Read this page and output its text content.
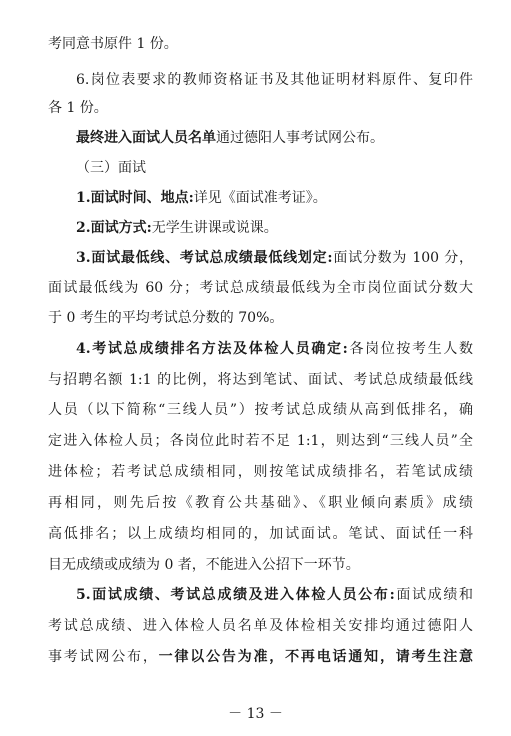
考同意书原件 1 份。
6.岗位表要求的教师资格证书及其他证明材料原件、复印件
各 1 份。
最终进入面试人员名单通过德阳人事考试网公布。
（三）面试
1.面试时间、地点:详见《面试准考证》。
2.面试方式:无学生讲课或说课。
3.面试最低线、考试总成绩最低线划定:面试分数为 100 分，
面试最低线为 60 分；考试总成绩最低线为全市岗位面试分数大
于 0 考生的平均考试总分数的 70%。
4.考试总成绩排名方法及体检人员确定:各岗位按考生人数
与招聘名额 1:1 的比例，将达到笔试、面试、考试总成绩最低线
人员（以下简称“三线人员”）按考试总成绩从高到低排名，确
定进入体检人员；各岗位此时若不足 1:1，则达到“三线人员”全
进体检；若考试总成绩相同，则按笔试成绩排名，若笔试成绩
再相同，则先后按《教育公共基础》、《职业倾向素质》成绩
高低排名；以上成绩均相同的，加试面试。笔试、面试任一科
目无成绩或成绩为 0 者，不能进入公招下一环节。
5.面试成绩、考试总成绩及进入体检人员公布:面试成绩和
考试总成绩、进入体检人员名单及体检相关安排均通过德阳人
事考试网公布，一律以公告为准，不再电话通知，请考生注意
－ 13 －
